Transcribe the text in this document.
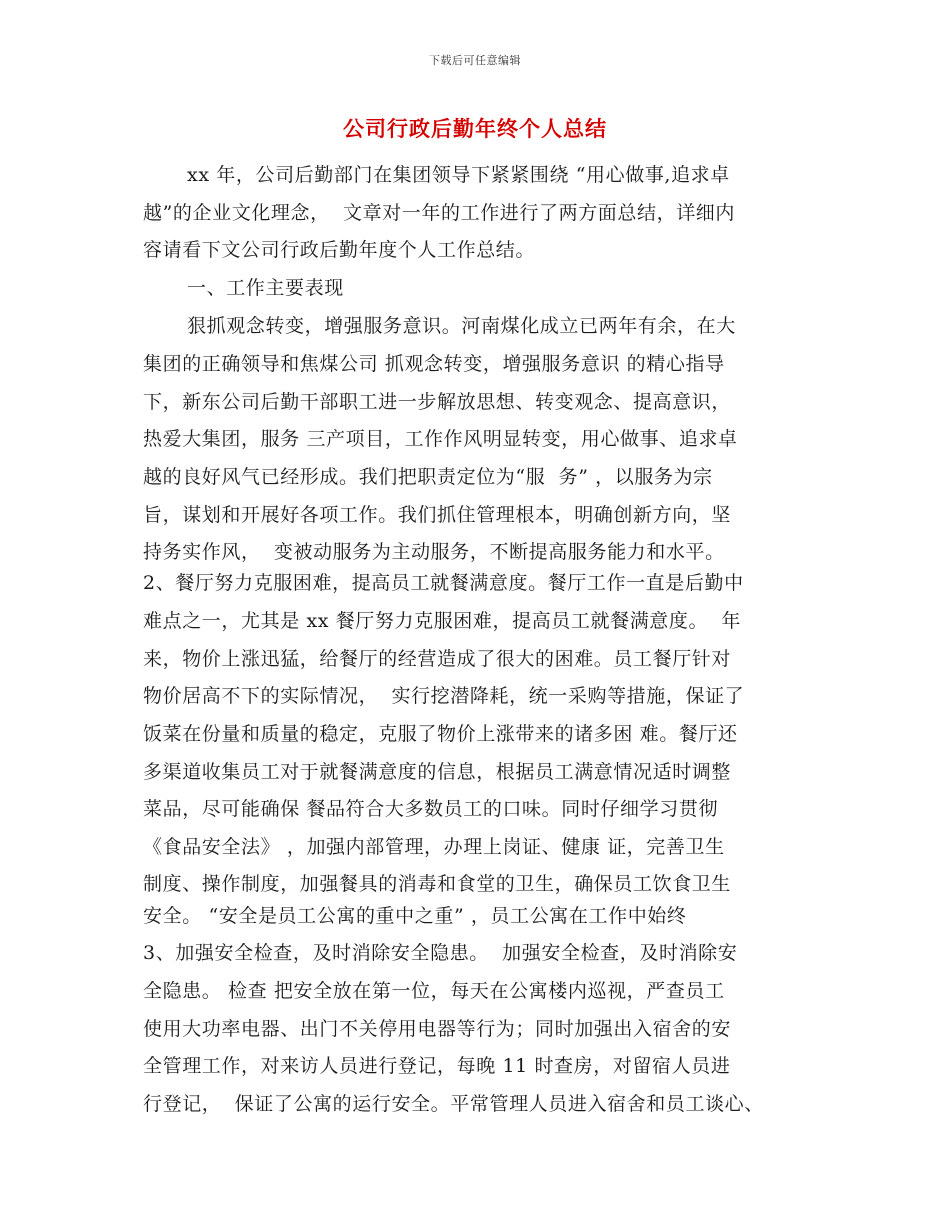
下载后可任意编辑
公司行政后勤年终个人总结
xx 年，公司后勤部门在集团领导下紧紧围绕 “用心做事,追求卓
越”的企业文化理念，  文章对一年的工作进行了两方面总结，详细内
容请看下文公司行政后勤年度个人工作总结。
一、工作主要表现
狠抓观念转变，增强服务意识。河南煤化成立已两年有余，在大
集团的正确领导和焦煤公司 抓观念转变，增强服务意识 的精心指导
下，新东公司后勤干部职工进一步解放思想、转变观念、提高意识，
热爱大集团，服务 三产项目，工作作风明显转变，用心做事、追求卓
越的良好风气已经形成。我们把职责定位为“服  务” ，以服务为宗
旨，谋划和开展好各项工作。我们抓住管理根本，明确创新方向，坚
持务实作风，  变被动服务为主动服务，不断提高服务能力和水平。
2、餐厅努力克服困难，提高员工就餐满意度。餐厅工作一直是后勤中
难点之一，尤其是 xx 餐厅努力克服困难，提高员工就餐满意度。  年
来，物价上涨迅猛，给餐厅的经营造成了很大的困难。员工餐厅针对
物价居高不下的实际情况，  实行挖潜降耗，统一采购等措施，保证了
饭菜在份量和质量的稳定，克服了物价上涨带来的诸多困 难。餐厅还
多渠道收集员工对于就餐满意度的信息，根据员工满意情况适时调整
菜品，尽可能确保 餐品符合大多数员工的口味。同时仔细学习贯彻
《食品安全法》 ，加强内部管理，办理上岗证、健康 证，完善卫生
制度、操作制度，加强餐具的消毒和食堂的卫生，确保员工饮食卫生
安全。 “安全是员工公寓的重中之重” ，员工公寓在工作中始终
3、加强安全检查，及时消除安全隐患。  加强安全检查，及时消除安
全隐患。 检查 把安全放在第一位，每天在公寓楼内巡视，严查员工
使用大功率电器、出门不关停用电器等行为；同时加强出入宿舍的安
全管理工作，对来访人员进行登记，每晚 11 时查房，对留宿人员进
行登记，  保证了公寓的运行安全。平常管理人员进入宿舍和员工谈心、
